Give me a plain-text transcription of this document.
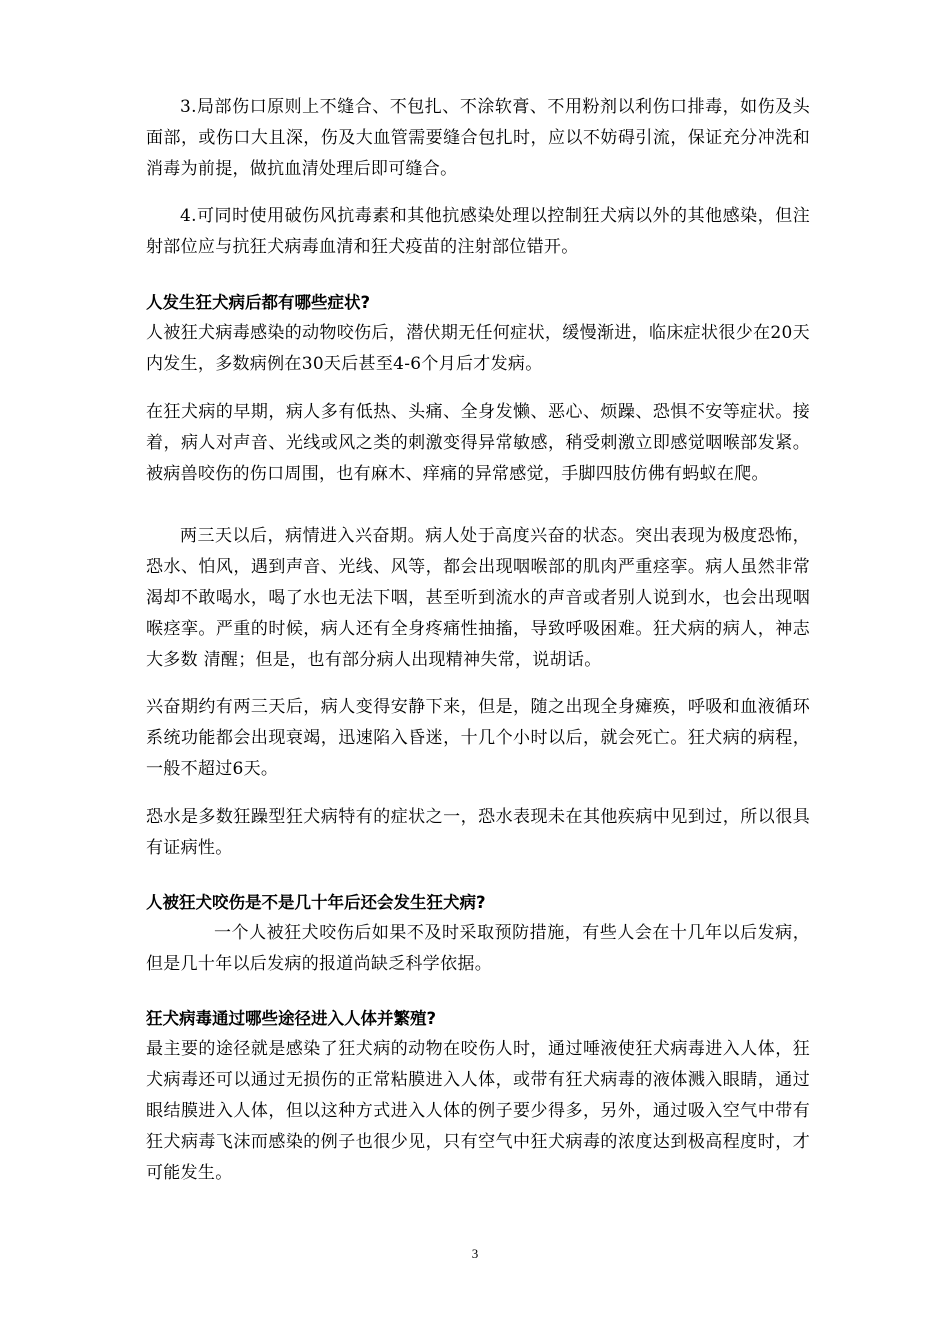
3.局部伤口原则上不缝合、不包扎、不涂软膏、不用粉剂以利伤口排毒，如伤及头面部，或伤口大且深，伤及大血管需要缝合包扎时，应以不妨碍引流，保证充分冲洗和消毒为前提，做抗血清处理后即可缝合。

4.可同时使用破伤风抗毒素和其他抗感染处理以控制狂犬病以外的其他感染，但注射部位应与抗狂犬病毒血清和狂犬疫苗的注射部位错开。

人发生狂犬病后都有哪些症状?

人被狂犬病毒感染的动物咬伤后，潜伏期无任何症状，缓慢渐进，临床症状很少在20天内发生，多数病例在30天后甚至4-6个月后才发病。

在狂犬病的早期，病人多有低热、头痛、全身发懒、恶心、烦躁、恐惧不安等症状。接着，病人对声音、光线或风之类的刺激变得异常敏感，稍受刺激立即感觉咽喉部发紧。被病兽咬伤的伤口周围，也有麻木、痒痛的异常感觉，手脚四肢仿佛有蚂蚁在爬。

两三天以后，病情进入兴奋期。病人处于高度兴奋的状态。突出表现为极度恐怖，恐水、怕风，遇到声音、光线、风等，都会出现咽喉部的肌肉严重痉挛。病人虽然非常渴却不敢喝水，喝了水也无法下咽，甚至听到流水的声音或者别人说到水，也会出现咽喉痉挛。严重的时候，病人还有全身疼痛性抽搐，导致呼吸困难。狂犬病的病人，神志大多数 清醒；但是，也有部分病人出现精神失常，说胡话。

兴奋期约有两三天后，病人变得安静下来，但是，随之出现全身瘫痪，呼吸和血液循环系统功能都会出现衰竭，迅速陷入昏迷，十几个小时以后，就会死亡。狂犬病的病程，一般不超过6天。

恐水是多数狂躁型狂犬病特有的症状之一，恐水表现未在其他疾病中见到过，所以很具有证病性。

人被狂犬咬伤是不是几十年后还会发生狂犬病?

一个人被狂犬咬伤后如果不及时采取预防措施，有些人会在十几年以后发病，但是几十年以后发病的报道尚缺乏科学依据。

狂犬病毒通过哪些途径进入人体并繁殖?

最主要的途径就是感染了狂犬病的动物在咬伤人时，通过唾液使狂犬病毒进入人体，狂犬病毒还可以通过无损伤的正常粘膜进入人体，或带有狂犬病毒的液体溅入眼睛，通过眼结膜进入人体，但以这种方式进入人体的例子要少得多，另外，通过吸入空气中带有狂犬病毒飞沫而感染的例子也很少见，只有空气中狂犬病毒的浓度达到极高程度时，才可能发生。

3
